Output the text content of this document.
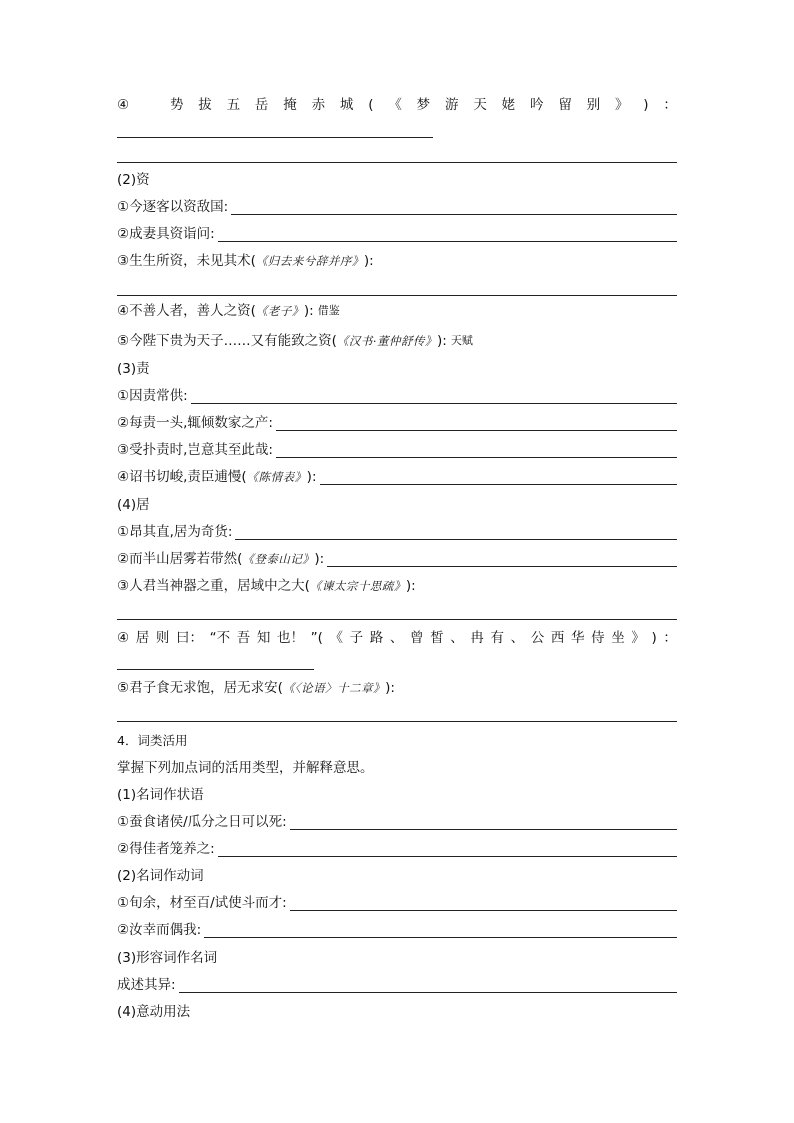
④	势 拔 五 岳 掩 赤 城 ( 《 梦 游 天 姥 吟 留 别 》 ) ：
(2)资
①今逐客以资敌国:
②成妻具资诣问:
③生生所资，未见其术( 《归去来兮辞并序》 ):
④不善人者，善人之资( 《老子》 ): 借鉴
⑤今陛下贵为天子……又有能致之资( 《汉书·董仲舒传》 ): 天赋
(3)责
①因责常供:
②每责一头,辄倾数家之产:
③受扑责时,岂意其至此哉:
④诏书切峻,责臣逋慢( 《陈情表》 ):
(4)居
①昂其直,居为奇货:
②而半山居雾若带然( 《登泰山记》 ):
③人君当神器之重，居域中之大( 《谏太宗十思疏》 ):
④ 居 则 曰： “不 吾 知 也！ ”( 《 子 路 、 曾 皙 、 冉 有 、 公 西 华 侍 坐 》 ) ：
⑤君子食无求饱，居无求安( 《〈论语〉十二章》 ):
4．词类活用
掌握下列加点词的活用类型，并解释意思。
(1)名词作状语
①蚕食诸侯/瓜分之日可以死:
②得佳者笼养之:
(2)名词作动词
①旬余，材至百/试使斗而才:
②汝幸而偶我:
(3)形容词作名词
成述其异:
(4)意动用法
